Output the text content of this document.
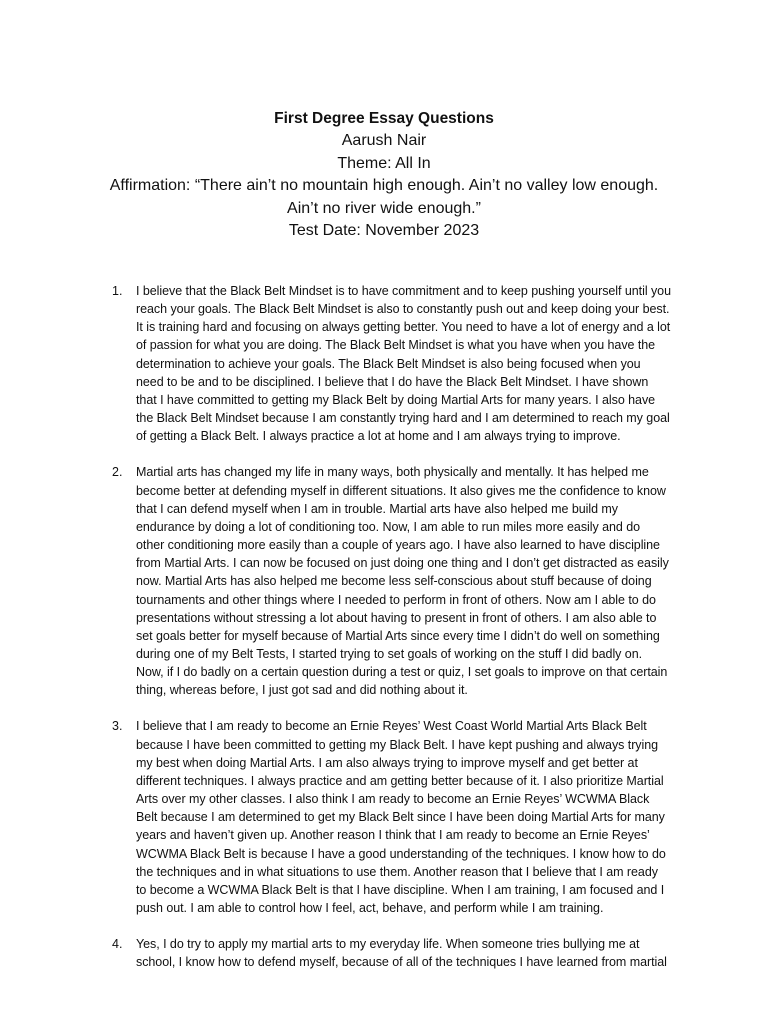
First Degree Essay Questions
Aarush Nair
Theme: All In
Affirmation: “There ain’t no mountain high enough. Ain’t no valley low enough.
Ain’t no river wide enough.”
Test Date: November 2023
1. I believe that the Black Belt Mindset is to have commitment and to keep pushing yourself until you
reach your goals. The Black Belt Mindset is also to constantly push out and keep doing your best.
It is training hard and focusing on always getting better. You need to have a lot of energy and a lot
of passion for what you are doing. The Black Belt Mindset is what you have when you have the
determination to achieve your goals. The Black Belt Mindset is also being focused when you
need to be and to be disciplined. I believe that I do have the Black Belt Mindset. I have shown
that I have committed to getting my Black Belt by doing Martial Arts for many years. I also have
the Black Belt Mindset because I am constantly trying hard and I am determined to reach my goal
of getting a Black Belt. I always practice a lot at home and I am always trying to improve.
2. Martial arts has changed my life in many ways, both physically and mentally. It has helped me
become better at defending myself in different situations. It also gives me the confidence to know
that I can defend myself when I am in trouble. Martial arts have also helped me build my
endurance by doing a lot of conditioning too. Now, I am able to run miles more easily and do
other conditioning more easily than a couple of years ago. I have also learned to have discipline
from Martial Arts. I can now be focused on just doing one thing and I don’t get distracted as easily
now. Martial Arts has also helped me become less self-conscious about stuff because of doing
tournaments and other things where I needed to perform in front of others. Now am I able to do
presentations without stressing a lot about having to present in front of others. I am also able to
set goals better for myself because of Martial Arts since every time I didn’t do well on something
during one of my Belt Tests, I started trying to set goals of working on the stuff I did badly on.
Now, if I do badly on a certain question during a test or quiz, I set goals to improve on that certain
thing, whereas before, I just got sad and did nothing about it.
3. I believe that I am ready to become an Ernie Reyes’ West Coast World Martial Arts Black Belt
because I have been committed to getting my Black Belt. I have kept pushing and always trying
my best when doing Martial Arts. I am also always trying to improve myself and get better at
different techniques. I always practice and am getting better because of it. I also prioritize Martial
Arts over my other classes. I also think I am ready to become an Ernie Reyes’ WCWMA Black
Belt because I am determined to get my Black Belt since I have been doing Martial Arts for many
years and haven’t given up. Another reason I think that I am ready to become an Ernie Reyes’
WCWMA Black Belt is because I have a good understanding of the techniques. I know how to do
the techniques and in what situations to use them. Another reason that I believe that I am ready
to become a WCWMA Black Belt is that I have discipline. When I am training, I am focused and I
push out. I am able to control how I feel, act, behave, and perform while I am training.
4. Yes, I do try to apply my martial arts to my everyday life. When someone tries bullying me at
school, I know how to defend myself, because of all of the techniques I have learned from martial
